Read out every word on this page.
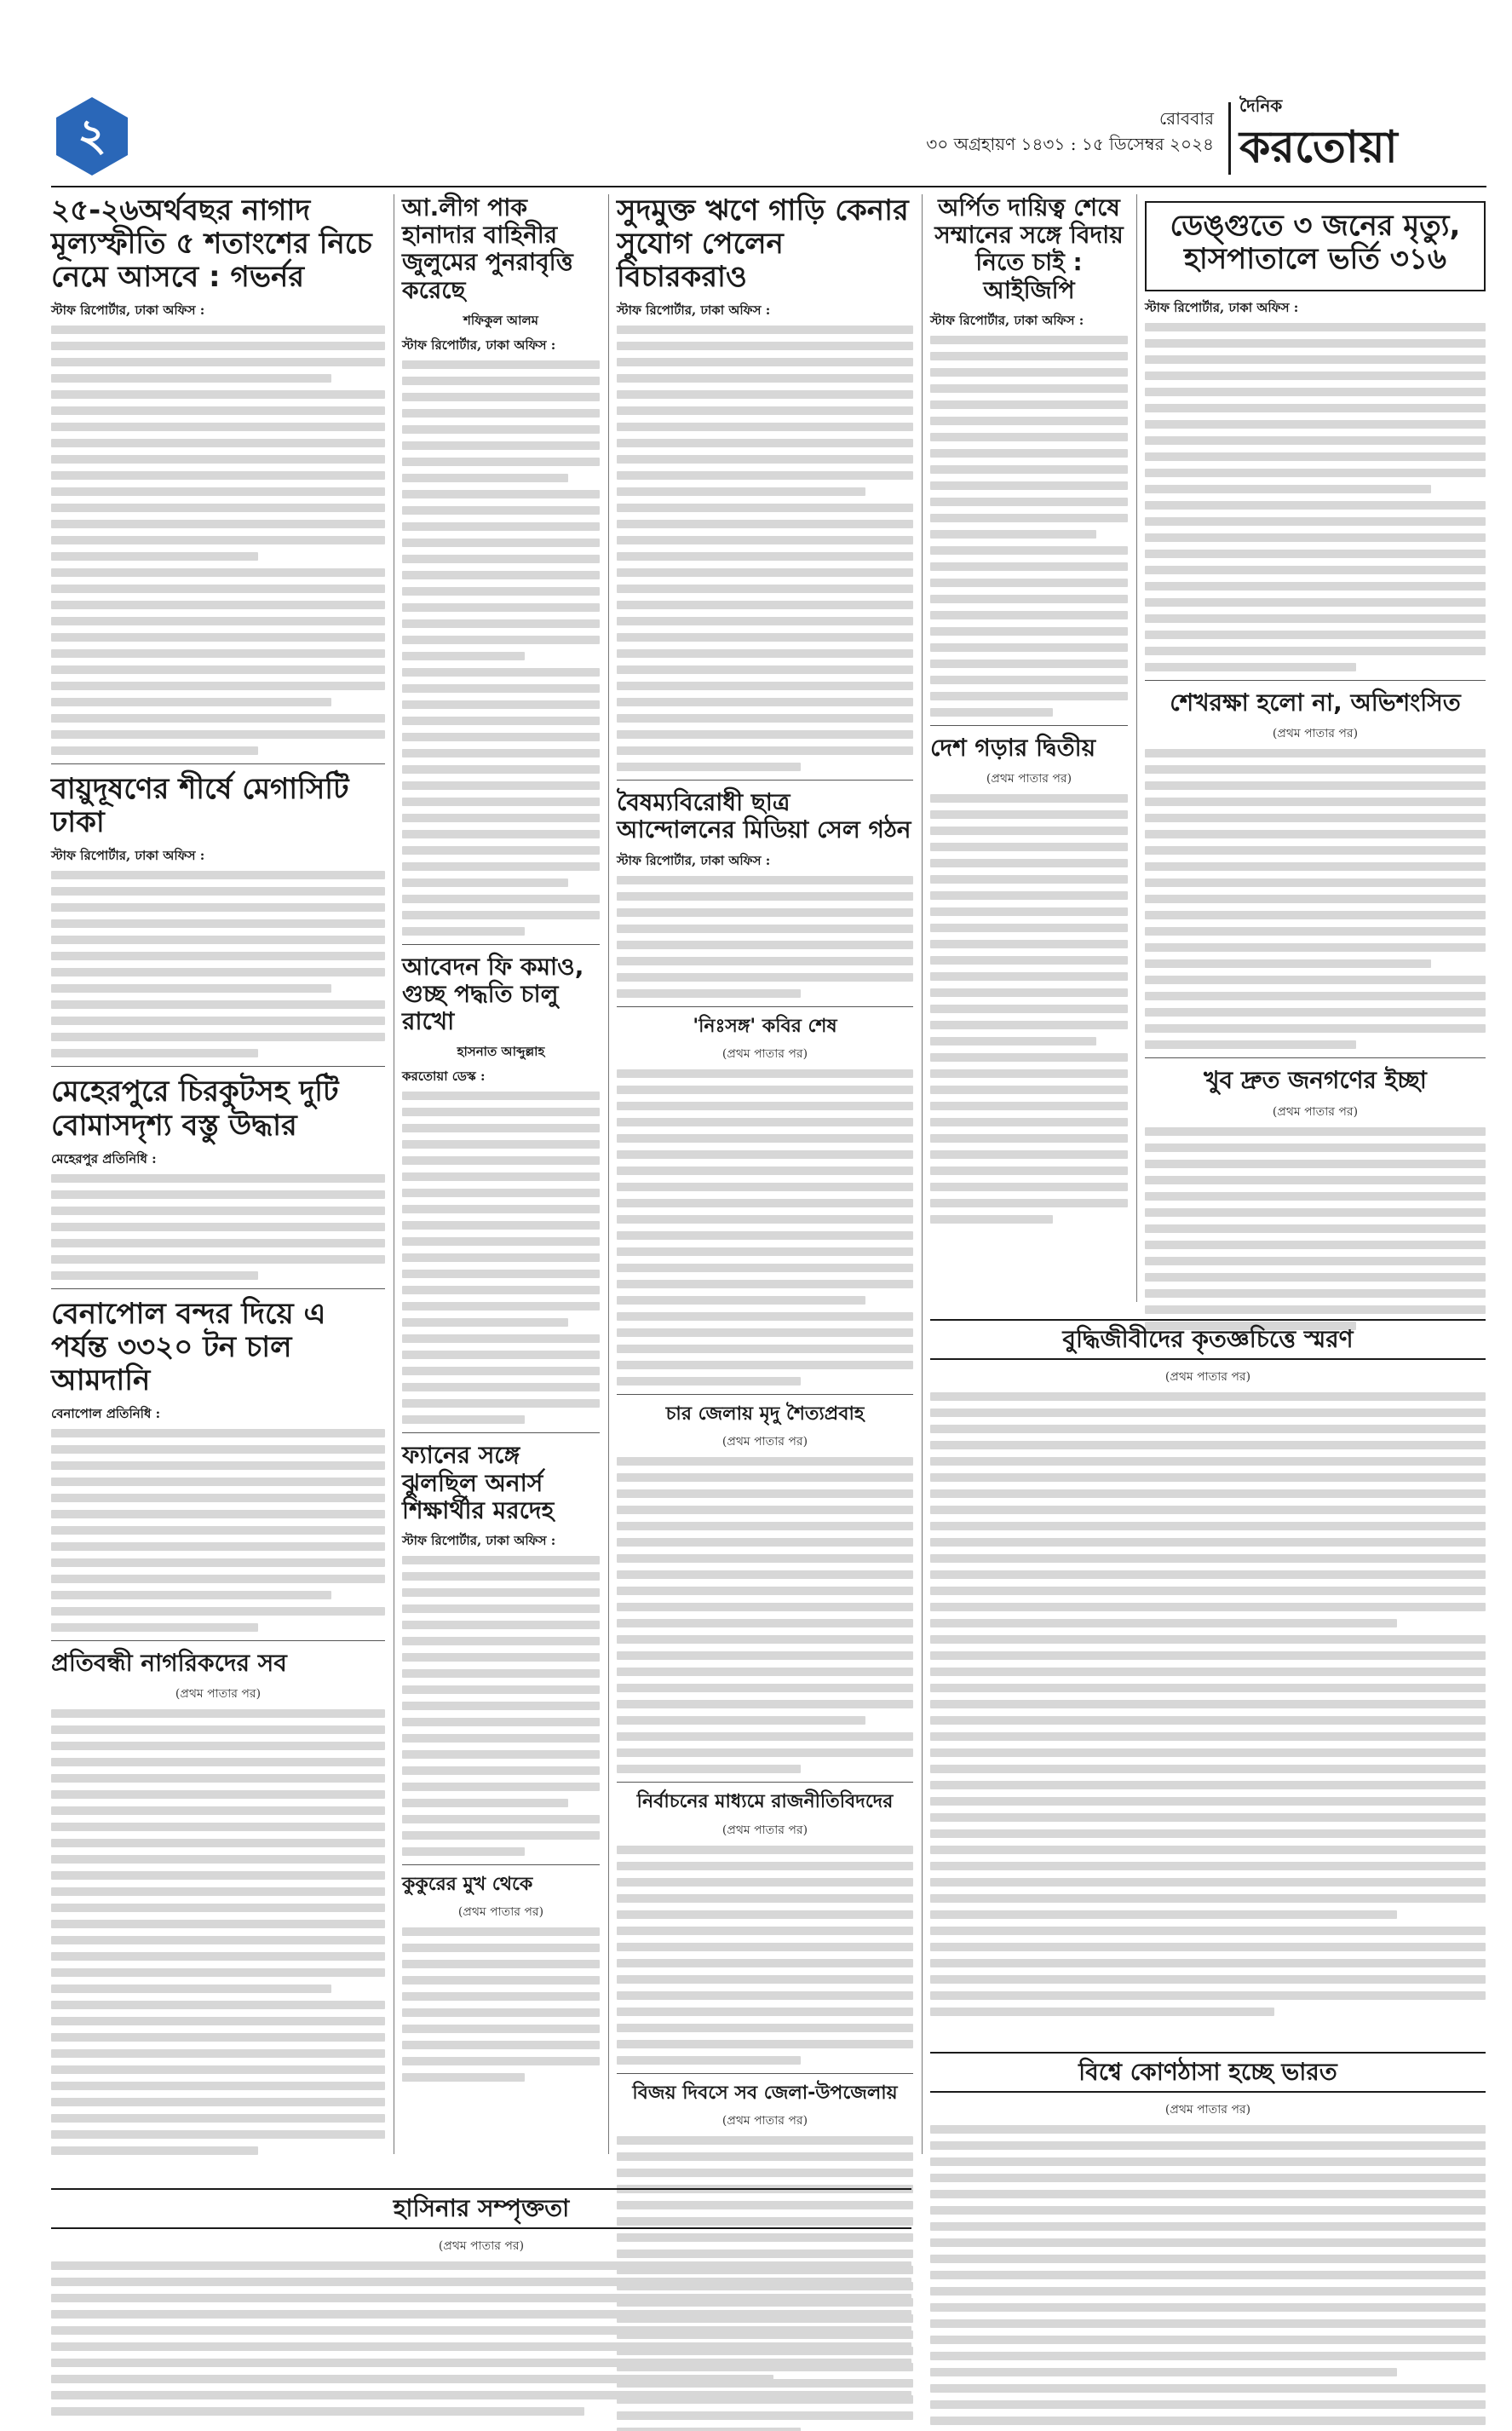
২	রোববার
৩০ অগ্রহায়ণ ১৪৩১ : ১৫ ডিসেম্বর ২০২৪
দৈনিক
করতোয়া
২৫-২৬অর্থবছর নাগাদ মূল্যস্ফীতি ৫ শতাংশের নিচে নেমে আসবে : গভর্নর
স্টাফ রিপোর্টার, ঢাকা অফিস :
বায়ুদূষণের শীর্ষে মেগাসিটি ঢাকা
স্টাফ রিপোর্টার, ঢাকা অফিস :
মেহেরপুরে চিরকুটসহ দুটি বোমাসদৃশ্য বস্তু উদ্ধার
মেহেরপুর প্রতিনিধি :
বেনাপোল বন্দর দিয়ে এ পর্যন্ত ৩৩২০ টন চাল আমদানি
বেনাপোল প্রতিনিধি :
প্রতিবন্ধী নাগরিকদের সব
(প্রথম পাতার পর)
আ.লীগ পাক হানাদার বাহিনীর জুলুমের পুনরাবৃত্তি করেছে
শফিকুল আলম
স্টাফ রিপোর্টার, ঢাকা অফিস :
আবেদন ফি কমাও, গুচ্ছ পদ্ধতি চালু রাখো
হাসনাত আব্দুল্লাহ
করতোয়া ডেস্ক :
ফ্যানের সঙ্গে ঝুলছিল অনার্স শিক্ষার্থীর মরদেহ
স্টাফ রিপোর্টার, ঢাকা অফিস :
কুকুরের মুখ থেকে
(প্রথম পাতার পর)
সুদমুক্ত ঋণে গাড়ি কেনার সুযোগ পেলেন বিচারকরাও
স্টাফ রিপোর্টার, ঢাকা অফিস :
বৈষম্যবিরোধী ছাত্র আন্দোলনের মিডিয়া সেল গঠন
স্টাফ রিপোর্টার, ঢাকা অফিস :
'নিঃসঙ্গ' কবির শেষ
(প্রথম পাতার পর)
চার জেলায় মৃদু শৈত্যপ্রবাহ
(প্রথম পাতার পর)
নির্বাচনের মাধ্যমে রাজনীতিবিদদের
(প্রথম পাতার পর)
বিজয় দিবসে সব জেলা-উপজেলায়
(প্রথম পাতার পর)
অর্পিত দায়িত্ব শেষে সম্মানের সঙ্গে বিদায় নিতে চাই : আইজিপি
স্টাফ রিপোর্টার, ঢাকা অফিস :
দেশ গড়ার দ্বিতীয়
(প্রথম পাতার পর)
ডেঙ্গুতে ৩ জনের মৃত্যু, হাসপাতালে ভর্তি ৩১৬
স্টাফ রিপোর্টার, ঢাকা অফিস :
শেখরক্ষা হলো না, অভিশংসিত
(প্রথম পাতার পর)
খুব দ্রুত জনগণের ইচ্ছা
(প্রথম পাতার পর)
বুদ্ধিজীবীদের কৃতজ্ঞচিত্তে স্মরণ
(প্রথম পাতার পর)
হাসিনার সম্পৃক্ততা
(প্রথম পাতার পর)
বিশ্বে কোণঠাসা হচ্ছে ভারত
(প্রথম পাতার পর)
